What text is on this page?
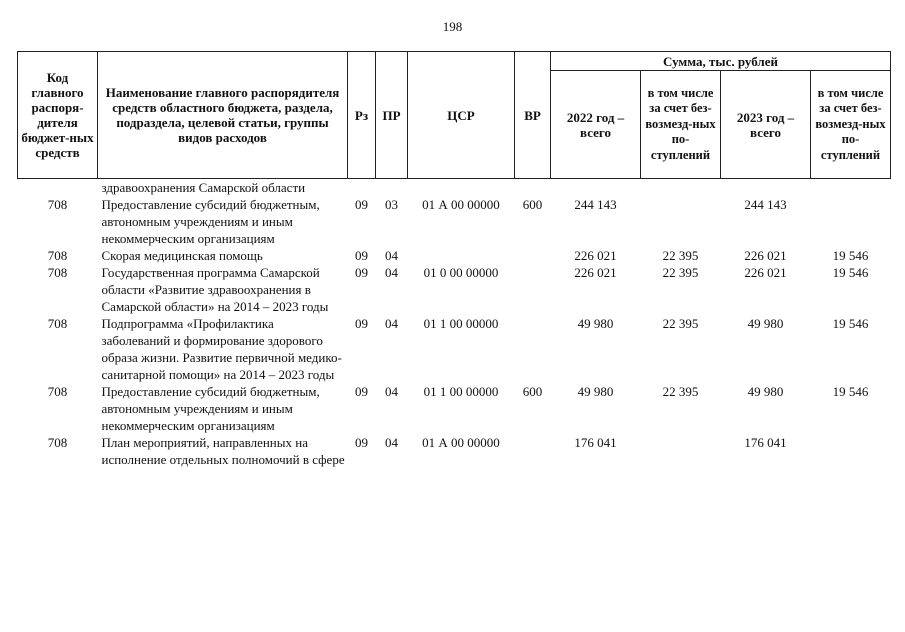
198
Код главного распоря-дителя бюджет-ных средств	Наименование главного распорядителя средств областного бюджета, раздела, подраздела, целевой статьи, группы видов расходов	Рз	ПР	ЦСР	ВР	Сумма, тыс. рублей			
						2022 год – всего	в том числе за счет без-возмезд-ных по-ступлений	2023 год – всего	в том числе за счет без-возмезд-ных по-ступлений
	здравоохранения Самарской области								
708	Предоставление субсидий бюджетным, автономным учреждениям и иным некоммерческим организациям	09	03	01 А 00 00000	600	244 143		244 143	
708	Скорая медицинская помощь	09	04			226 021	22 395	226 021	19 546
708	Государственная программа Самарской области «Развитие здравоохранения в Самарской области» на 2014 – 2023 годы	09	04	01 0 00 00000		226 021	22 395	226 021	19 546
708	Подпрограмма «Профилактика заболеваний и формирование здорового образа жизни. Развитие первичной медико-санитарной помощи» на 2014 – 2023 годы	09	04	01 1 00 00000		49 980	22 395	49 980	19 546
708	Предоставление субсидий бюджетным, автономным учреждениям и иным некоммерческим организациям	09	04	01 1 00 00000	600	49 980	22 395	49 980	19 546
708	План мероприятий, направленных на исполнение отдельных полномочий в сфере	09	04	01 А 00 00000		176 041		176 041	
